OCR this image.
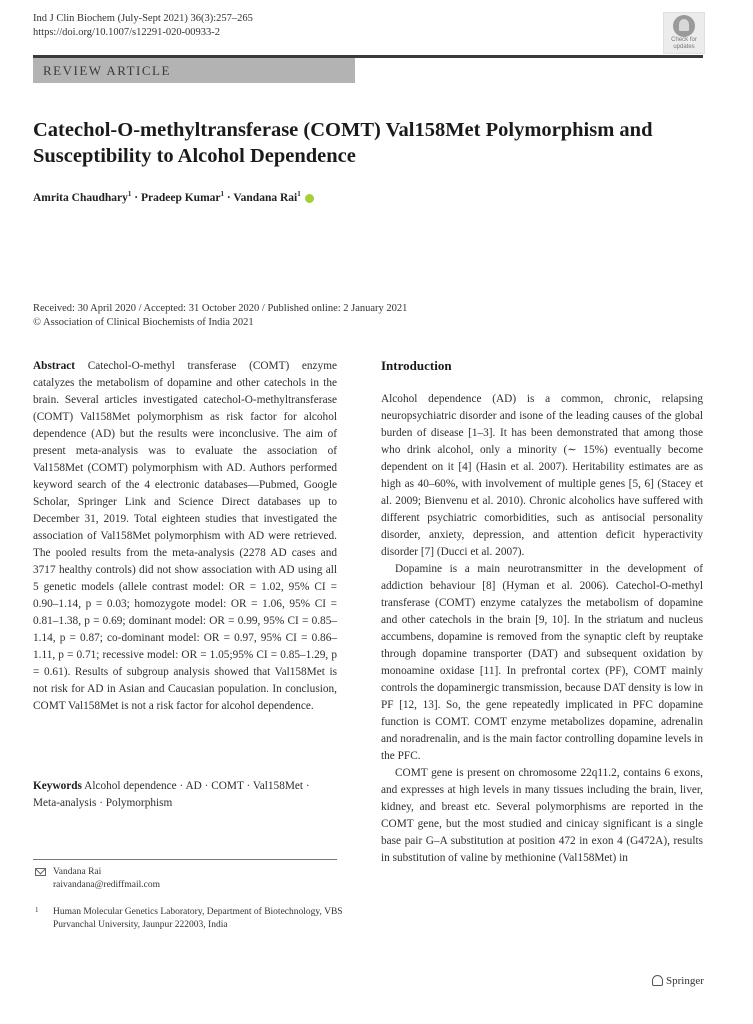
Ind J Clin Biochem (July-Sept 2021) 36(3):257–265
https://doi.org/10.1007/s12291-020-00933-2
Check for
updates
REVIEW ARTICLE
Catechol-O-methyltransferase (COMT) Val158Met Polymorphism and Susceptibility to Alcohol Dependence
Amrita Chaudhary$^1$ · Pradeep Kumar$^1$ · Vandana Rai$^1$
Received: 30 April 2020 / Accepted: 31 October 2020 / Published online: 2 January 2021
© Association of Clinical Biochemists of India 2021
Abstract Catechol-O-methyl transferase (COMT) enzyme catalyzes the metabolism of dopamine and other catechols in the brain. Several articles investigated catechol-O-methyltransferase (COMT) Val158Met polymorphism as risk factor for alcohol dependence (AD) but the results were inconclusive. The aim of present meta-analysis was to evaluate the association of Val158Met (COMT) polymorphism with AD. Authors performed keyword search of the 4 electronic databases—Pubmed, Google Scholar, Springer Link and Science Direct databases up to December 31, 2019. Total eighteen studies that investigated the association of Val158Met polymorphism with AD were retrieved. The pooled results from the meta-analysis (2278 AD cases and 3717 healthy controls) did not show association with AD using all 5 genetic models (allele contrast model: OR = 1.02, 95% CI = 0.90–1.14, p = 0.03; homozygote model: OR = 1.06, 95% CI = 0.81–1.38, p = 0.69; dominant model: OR = 0.99, 95% CI = 0.85–1.14, p = 0.87; co-dominant model: OR = 0.97, 95% CI = 0.86–1.11, p = 0.71; recessive model: OR = 1.05;95% CI = 0.85–1.29, p = 0.61). Results of subgroup analysis showed that Val158Met is not risk for AD in Asian and Caucasian population. In conclusion, COMT Val158Met is not a risk factor for alcohol dependence.
Keywords Alcohol dependence · AD · COMT · Val158Met · Meta-analysis · Polymorphism
Vandana Rai
raivandana@rediffmail.com
1 Human Molecular Genetics Laboratory, Department of Biotechnology, VBS Purvanchal University, Jaunpur 222003, India
Introduction

Alcohol dependence (AD) is a common, chronic, relapsing neuropsychiatric disorder and isone of the leading causes of the global burden of disease [1–3]. It has been demonstrated that among those who drink alcohol, only a minority (∼ 15%) eventually become dependent on it [4] (Hasin et al. 2007). Heritability estimates are as high as 40–60%, with involvement of multiple genes [5, 6] (Stacey et al. 2009; Bienvenu et al. 2010). Chronic alcoholics have suffered with different psychiatric comorbidities, such as antisocial personality disorder, anxiety, depression, and attention deficit hyperactivity disorder [7] (Ducci et al. 2007).

Dopamine is a main neurotransmitter in the development of addiction behaviour [8] (Hyman et al. 2006). Catechol-O-methyl transferase (COMT) enzyme catalyzes the metabolism of dopamine and other catechols in the brain [9, 10]. In the striatum and nucleus accumbens, dopamine is removed from the synaptic cleft by reuptake through dopamine transporter (DAT) and subsequent oxidation by monoamine oxidase [11]. In prefrontal cortex (PF), COMT mainly controls the dopaminergic transmission, because DAT density is low in PF [12, 13]. So, the gene repeatedly implicated in PFC dopamine function is COMT. COMT enzyme metabolizes dopamine, adrenalin and noradrenalin, and is the main factor controlling dopamine levels in the PFC.

COMT gene is present on chromosome 22q11.2, contains 6 exons, and expresses at high levels in many tissues including the brain, liver, kidney, and breast etc. Several polymorphisms are reported in the COMT gene, but the most studied and cinicay significant is a single base pair G–A substitution at position 472 in exon 4 (G472A), results in substitution of valine by methionine (Val158Met) in

Springer
